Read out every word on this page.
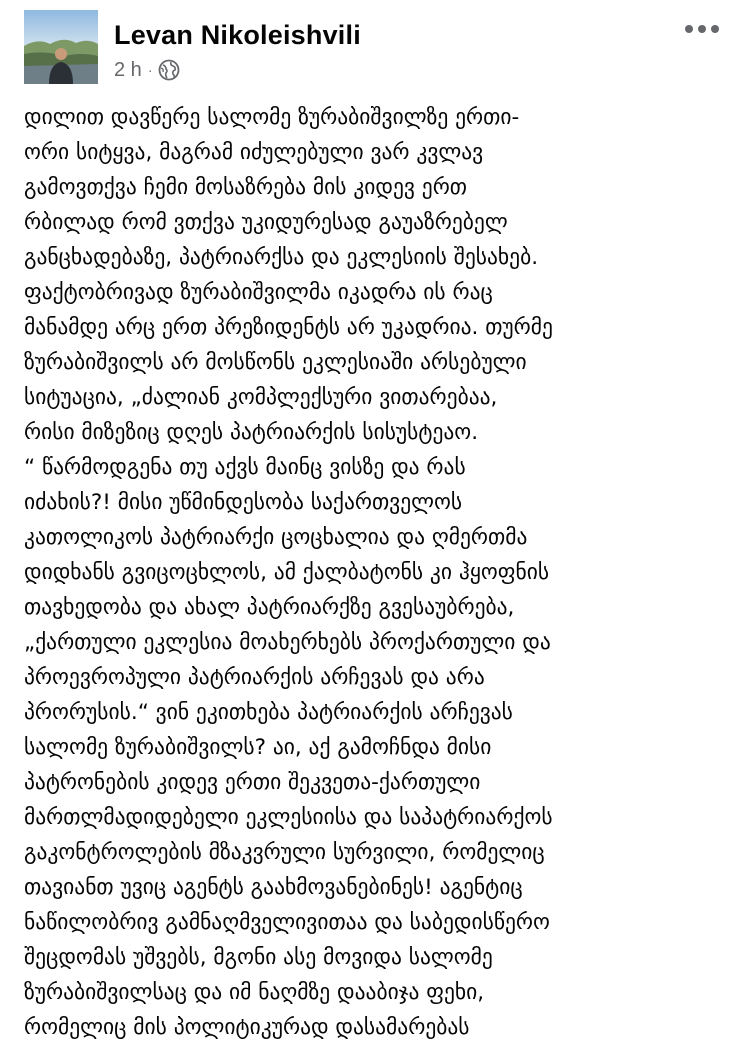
Levan Nikoleishvili
2 h ·
დილით დავწერე სალომე ზურაბიშვილზე ერთი-
ორი სიტყვა, მაგრამ იძულებული ვარ კვლავ
გამოვთქვა ჩემი მოსაზრება მის კიდევ ერთ
რბილად რომ ვთქვა უკიდურესად გაუაზრებელ
განცხადებაზე, პატრიარქსა და ეკლესიის შესახებ.
ფაქტობრივად ზურაბიშვილმა იკადრა ის რაც
მანამდე არც ერთ პრეზიდენტს არ უკადრია. თურმე
ზურაბიშვილს არ მოსწონს ეკლესიაში არსებული
სიტუაცია, „ძალიან კომპლექსური ვითარებაა,
რისი მიზეზიც დღეს პატრიარქის სისუსტეაო.
“ წარმოდგენა თუ აქვს მაინც ვისზე და რას
იძახის?! მისი უწმინდესობა საქართველოს
კათოლიკოს პატრიარქი ცოცხალია და ღმერთმა
დიდხანს გვიცოცხლოს, ამ ქალბატონს კი ჰყოფნის
თავხედობა და ახალ პატრიარქზე გვესაუბრება,
„ქართული ეკლესია მოახერხებს პროქართული და
პროევროპული პატრიარქის არჩევას და არა
პრორუსის.“ ვინ ეკითხება პატრიარქის არჩევას
სალომე ზურაბიშვილს? აი, აქ გამოჩნდა მისი
პატრონების კიდევ ერთი შეკვეთა-ქართული
მართლმადიდებელი ეკლესიისა და საპატრიარქოს
გაკონტროლების მზაკვრული სურვილი, რომელიც
თავიანთ უვიც აგენტს გაახმოვანებინეს! აგენტიც
ნაწილობრივ გამნაღმველივითაა და საბედისწერო
შეცდომას უშვებს, მგონი ასე მოვიდა სალომე
ზურაბიშვილსაც და იმ ნაღმზე დააბიჯა ფეხი,
რომელიც მის პოლიტიკურად დასამარებას
